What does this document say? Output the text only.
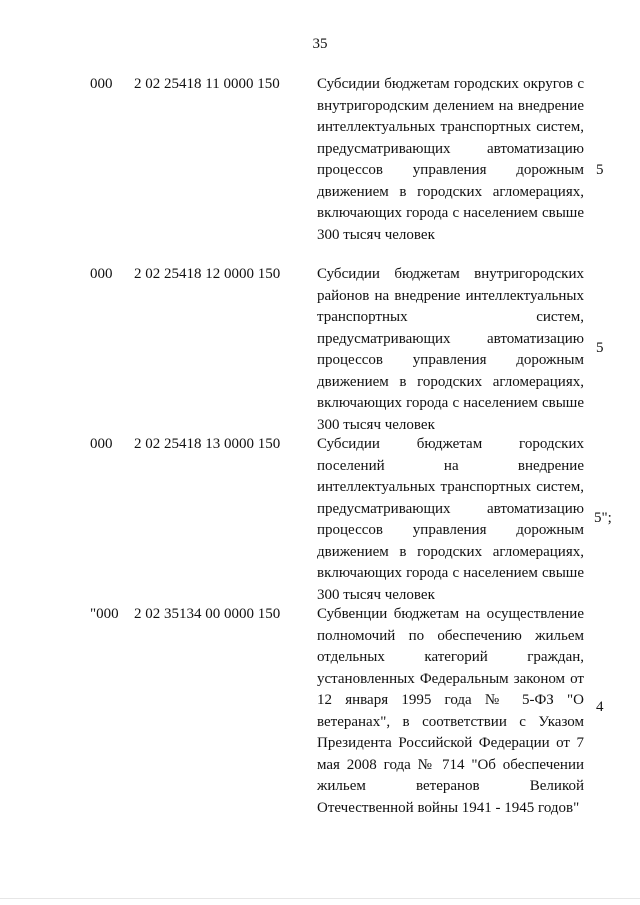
35
000 2 02 25418 11 0000 150 Субсидии бюджетам городских округов с внутригородским делением на внедрение интеллектуальных транспортных систем, предусматривающих автоматизацию процессов управления дорожным движением в городских агломерациях, включающих города с населением свыше 300 тысяч человек

5
000 2 02 25418 12 0000 150 Субсидии бюджетам внутригородских районов на внедрение интеллектуальных транспортных систем, предусматривающих автоматизацию процессов управления дорожным движением в городских агломерациях, включающих города с населением свыше 300 тысяч человек

5
000 2 02 25418 13 0000 150 Субсидии бюджетам городских поселений на внедрение интеллектуальных транспортных систем, предусматривающих автоматизацию процессов управления дорожным движением в городских агломерациях, включающих города с населением свыше 300 тысяч человек

5";
"000 2 02 35134 00 0000 150 Субвенции бюджетам на осуществление полномочий по обеспечению жильем отдельных категорий граждан, установленных Федеральным законом от 12 января 1995 года № 5-ФЗ "О ветеранах", в соответствии с Указом Президента Российской Федерации от 7 мая 2008 года № 714 "Об обеспечении жильем ветеранов Великой Отечественной войны 1941 - 1945 годов"

4
